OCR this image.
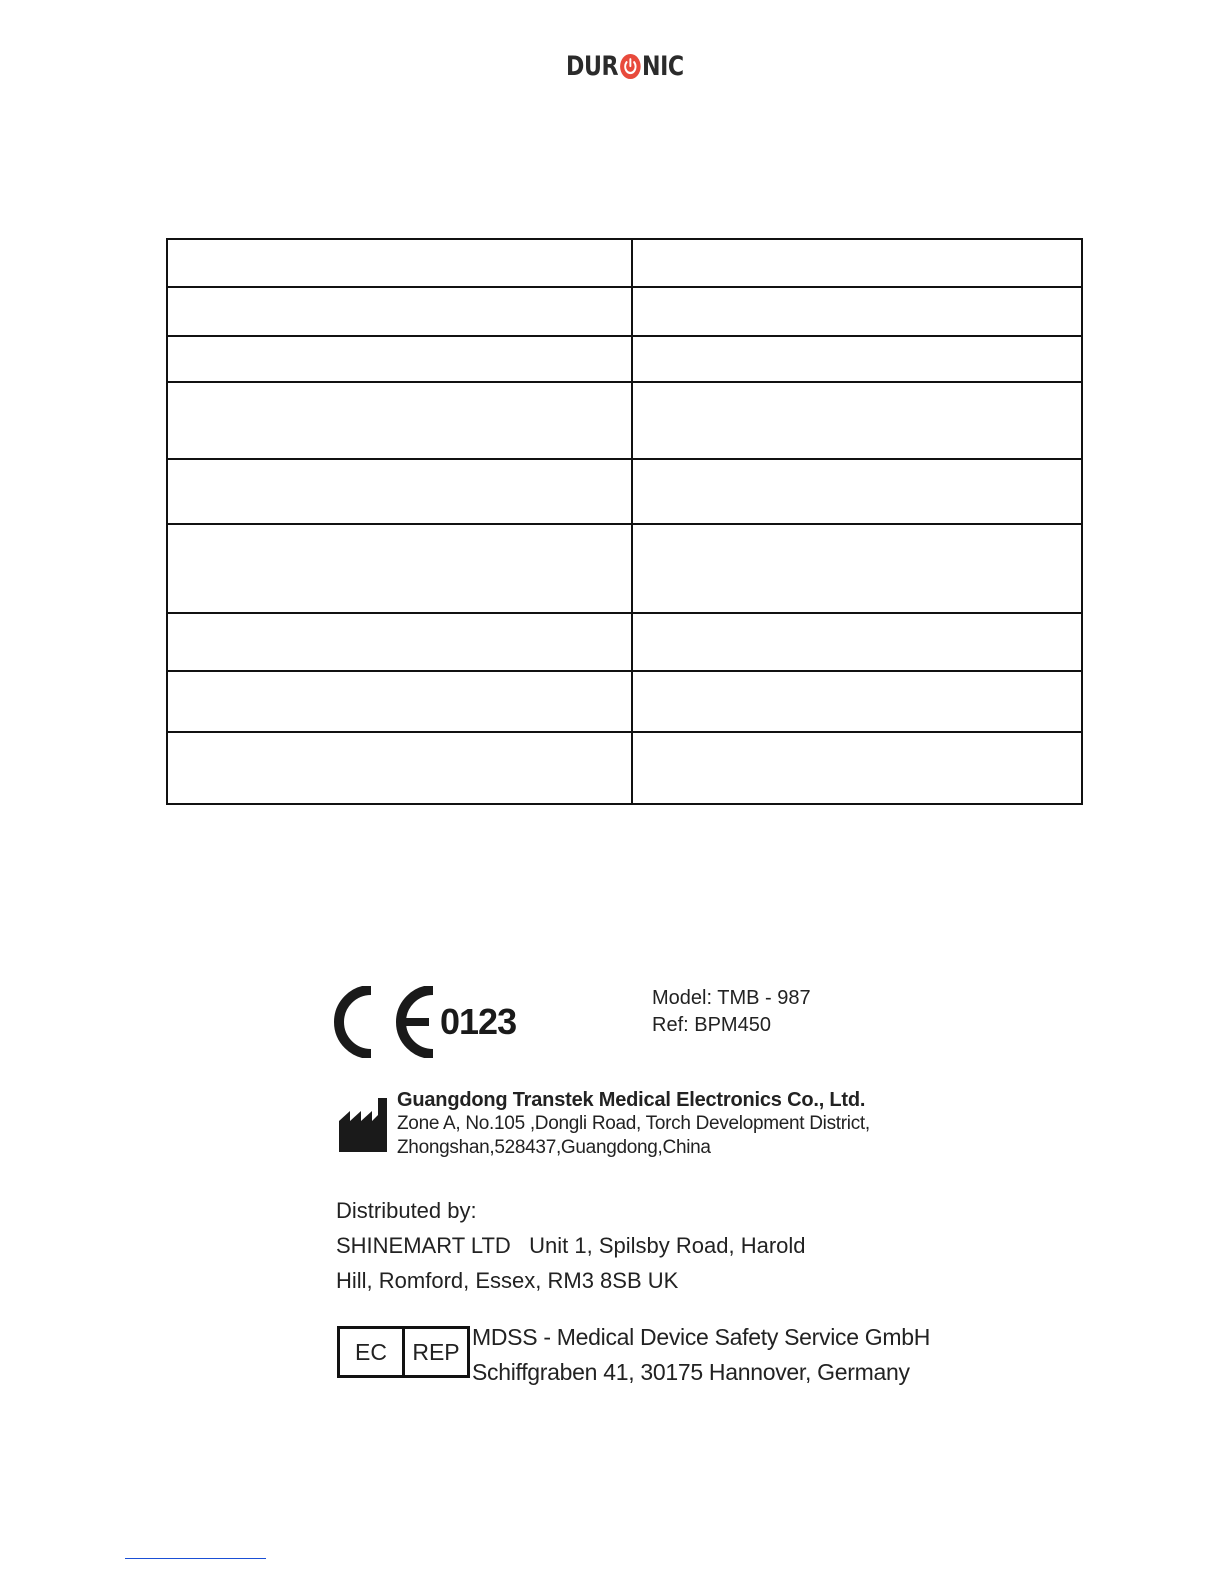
DUR NIC

0123
Model: TMB - 987
Ref: BPM450
Guangdong Transtek Medical Electronics Co., Ltd.
Zone A, No.105 ,Dongli Road, Torch Development District,
Zhongshan,528437,Guangdong,China
Distributed by:
SHINEMART LTD   Unit 1, Spilsby Road, Harold
Hill, Romford, Essex, RM3 8SB UK
EC	REP
MDSS - Medical Device Safety Service GmbH
Schiffgraben 41, 30175 Hannover, Germany
